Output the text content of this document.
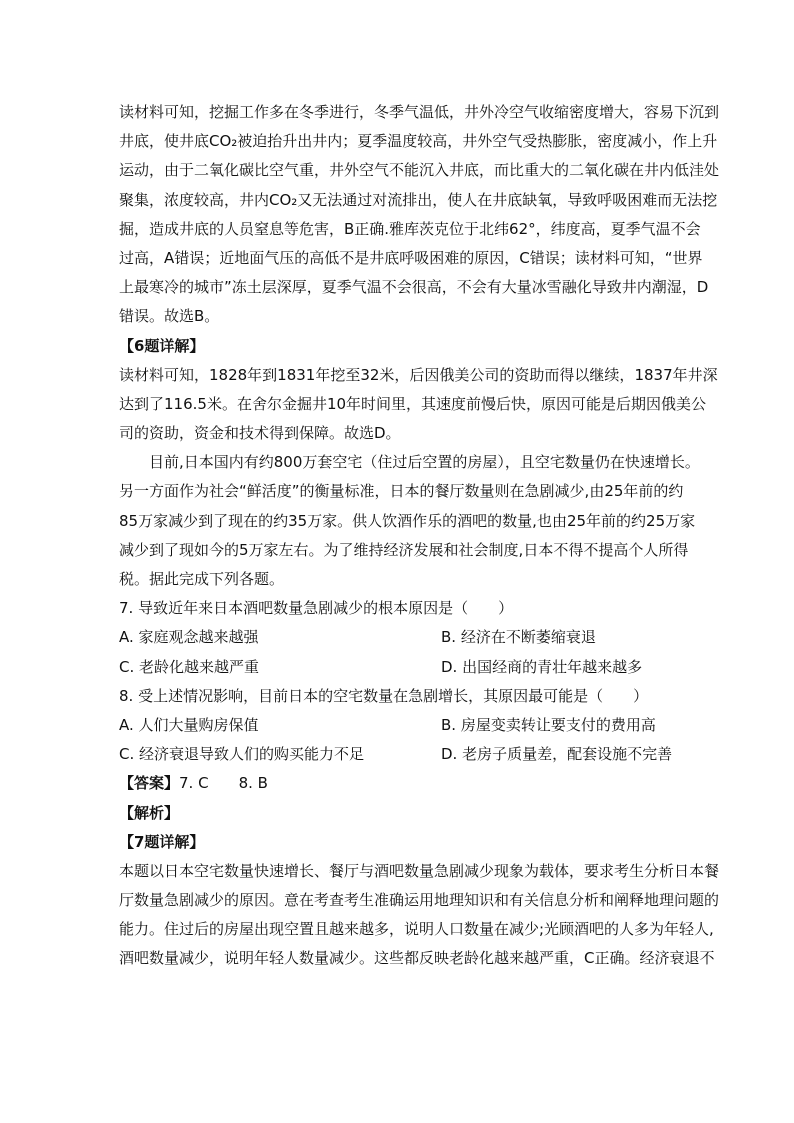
读材料可知，挖掘工作多在冬季进行，冬季气温低，井外冷空气收缩密度增大，容易下沉到
井底，使井底CO₂被迫抬升出井内；夏季温度较高，井外空气受热膨胀，密度减小，作上升
运动，由于二氧化碳比空气重，井外空气不能沉入井底，而比重大的二氧化碳在井内低洼处
聚集，浓度较高，井内CO₂又无法通过对流排出，使人在井底缺氧，导致呼吸困难而无法挖
掘，造成井底的人员窒息等危害，B正确.雅库茨克位于北纬62°，纬度高，夏季气温不会
过高，A错误；近地面气压的高低不是井底呼吸困难的原因，C错误；读材料可知，“世界
上最寒冷的城市”冻土层深厚，夏季气温不会很高，不会有大量冰雪融化导致井内潮湿，D
错误。故选B。
【6题详解】
读材料可知，1828年到1831年挖至32米，后因俄美公司的资助而得以继续，1837年井深
达到了116.5米。在舍尔金掘井10年时间里，其速度前慢后快，原因可能是后期因俄美公
司的资助，资金和技术得到保障。故选D。
目前,日本国内有约800万套空宅（住过后空置的房屋），且空宅数量仍在快速增长。
另一方面作为社会“鲜活度”的衡量标准，日本的餐厅数量则在急剧减少,由25年前的约
85万家减少到了现在的约35万家。供人饮酒作乐的酒吧的数量,也由25年前的约25万家
减少到了现如今的5万家左右。为了维持经济发展和社会制度,日本不得不提高个人所得
税。据此完成下列各题。
7. 导致近年来日本酒吧数量急剧减少的根本原因是（　　）
A. 家庭观念越来越强	B. 经济在不断萎缩衰退
C. 老龄化越来越严重	D. 出国经商的青壮年越来越多
8. 受上述情况影响，目前日本的空宅数量在急剧增长，其原因最可能是（　　）
A. 人们大量购房保值	B. 房屋变卖转让要支付的费用高
C. 经济衰退导致人们的购买能力不足	D. 老房子质量差，配套设施不完善
【答案】7. C　　8. B
【解析】
【7题详解】
本题以日本空宅数量快速增长、餐厅与酒吧数量急剧减少现象为载体，要求考生分析日本餐
厅数量急剧减少的原因。意在考查考生准确运用地理知识和有关信息分析和阐释地理问题的
能力。住过后的房屋出现空置且越来越多，说明人口数量在减少;光顾酒吧的人多为年轻人,
酒吧数量减少，说明年轻人数量减少。这些都反映老龄化越来越严重，C正确。经济衰退不
